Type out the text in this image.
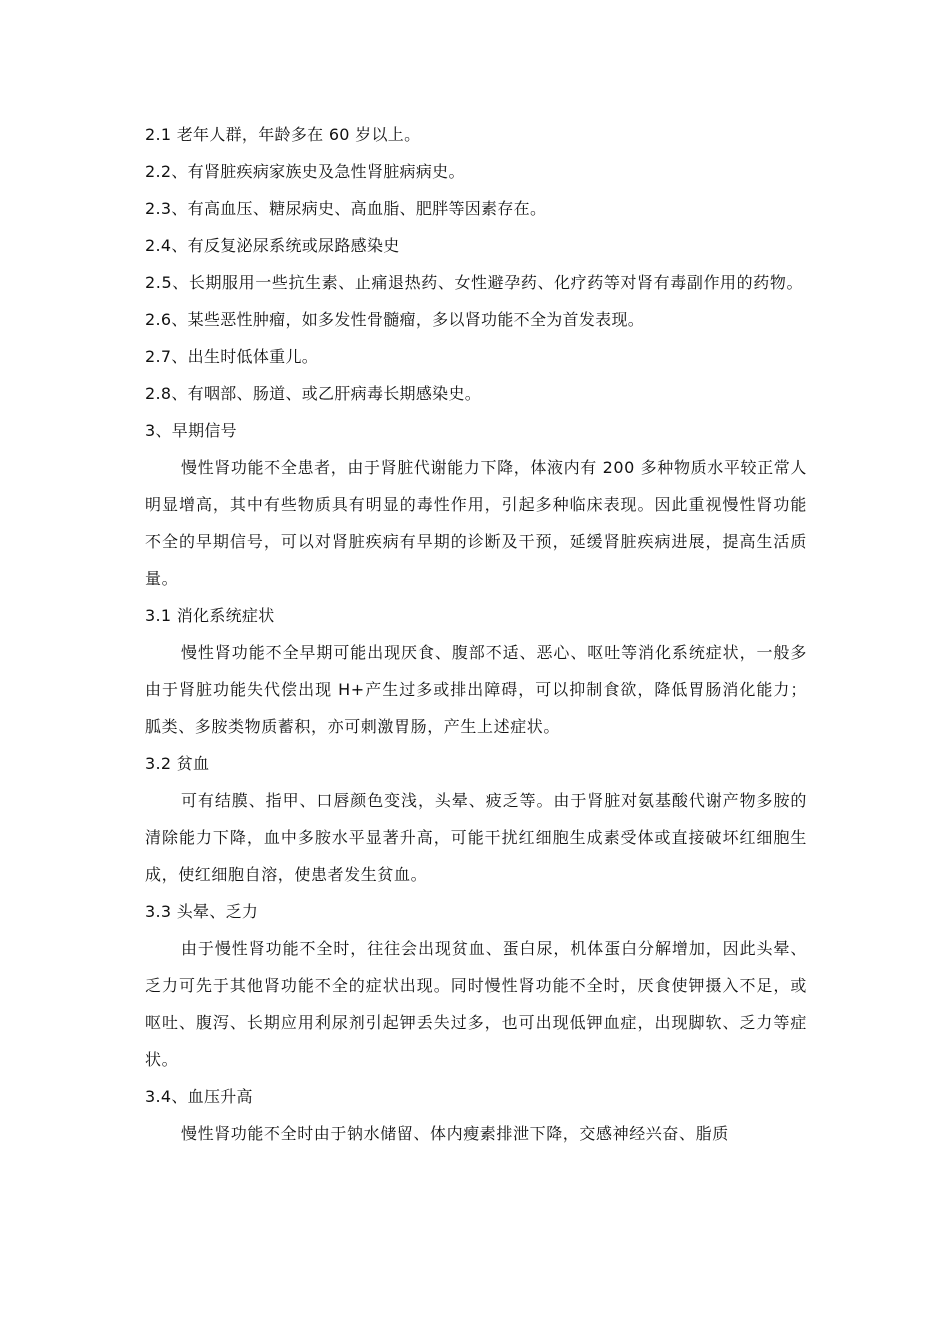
2.1 老年人群，年龄多在 60 岁以上。

2.2、有肾脏疾病家族史及急性肾脏病病史。

2.3、有高血压、糖尿病史、高血脂、肥胖等因素存在。

2.4、有反复泌尿系统或尿路感染史

2.5、长期服用一些抗生素、止痛退热药、女性避孕药、化疗药等对肾有毒副作用的药物。

2.6、某些恶性肿瘤，如多发性骨髓瘤，多以肾功能不全为首发表现。

2.7、出生时低体重儿。

2.8、有咽部、肠道、或乙肝病毒长期感染史。

3、早期信号

慢性肾功能不全患者，由于肾脏代谢能力下降，体液内有 200 多种物质水平较正常人明显增高，其中有些物质具有明显的毒性作用，引起多种临床表现。因此重视慢性肾功能不全的早期信号，可以对肾脏疾病有早期的诊断及干预，延缓肾脏疾病进展，提高生活质量。

3.1 消化系统症状

慢性肾功能不全早期可能出现厌食、腹部不适、恶心、呕吐等消化系统症状，一般多由于肾脏功能失代偿出现 H+产生过多或排出障碍，可以抑制食欲，降低胃肠消化能力；胍类、多胺类物质蓄积，亦可刺激胃肠，产生上述症状。

3.2 贫血

可有结膜、指甲、口唇颜色变浅，头晕、疲乏等。由于肾脏对氨基酸代谢产物多胺的清除能力下降，血中多胺水平显著升高，可能干扰红细胞生成素受体或直接破坏红细胞生成，使红细胞自溶，使患者发生贫血。

3.3 头晕、乏力

由于慢性肾功能不全时，往往会出现贫血、蛋白尿，机体蛋白分解增加，因此头晕、乏力可先于其他肾功能不全的症状出现。同时慢性肾功能不全时，厌食使钾摄入不足，或呕吐、腹泻、长期应用利尿剂引起钾丢失过多，也可出现低钾血症，出现脚软、乏力等症状。

3.4、血压升高

慢性肾功能不全时由于钠水储留、体内瘦素排泄下降，交感神经兴奋、脂质
